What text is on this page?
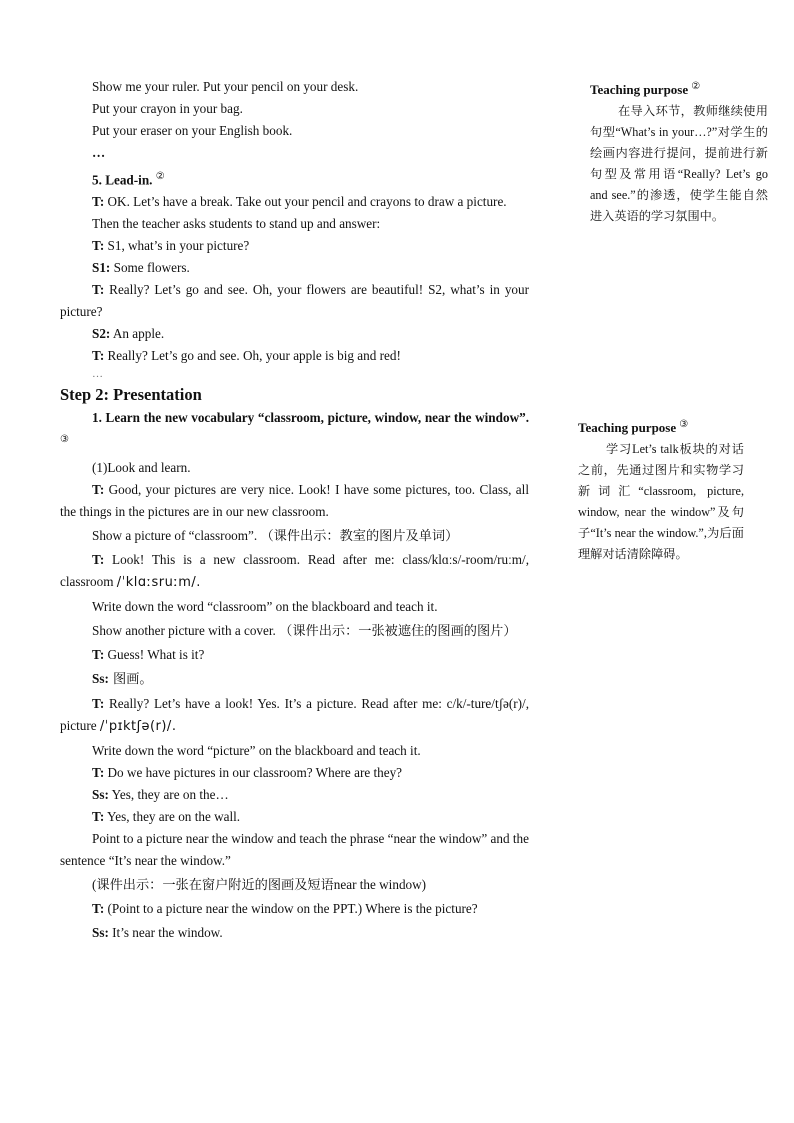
Show me your ruler. Put your pencil on your desk.

Put your crayon in your bag.

Put your eraser on your English book.

…

5. Lead-in. ②

T: OK. Let’s have a break. Take out your pencil and crayons to draw a picture.

Then the teacher asks students to stand up and answer:

T: S1, what’s in your picture?

S1: Some flowers.

T: Really? Let’s go and see. Oh, your flowers are beautiful! S2, what’s in your picture?

S2: An apple.

T: Really? Let’s go and see. Oh, your apple is big and red!

…

Step 2: Presentation

1. Learn the new vocabulary “classroom, picture, window, near the window”. ③

(1)Look and learn.

T: Good, your pictures are very nice. Look! I have some pictures, too. Class, all the things in the pictures are in our new classroom.

Show a picture of “classroom”. （课件出示：教室的图片及单词）

T: Look! This is a new classroom. Read after me: class/klɑːs/-room/ruːm/, classroom /ˈklɑːsruːm/.

Write down the word “classroom” on the blackboard and teach it.

Show another picture with a cover. （课件出示：一张被遮住的图画的图片）

T: Guess! What is it?

Ss: 图画。

T: Really? Let’s have a look! Yes. It’s a picture. Read after me: c/k/-ture/tʃə(r)/, picture /ˈpɪktʃə(r)/.

Write down the word “picture” on the blackboard and teach it.

T: Do we have pictures in our classroom? Where are they?

Ss: Yes, they are on the…

T: Yes, they are on the wall.

Point to a picture near the window and teach the phrase “near the window” and the sentence “It’s near the window.”

(课件出示：一张在窗户附近的图画及短语near the window)

T: (Point to a picture near the window on the PPT.) Where is the picture?

Ss: It’s near the window.

Teaching purpose ②

在导入环节，教师继续使用句型“What’s in your…?”对学生的绘画内容进行提问，提前进行新句型及常用语“Really? Let’s go and see.”的渗透，使学生能自然进入英语的学习氛围中。

Teaching purpose ③

学习Let’s talk板块的对话之前，先通过图片和实物学习新词汇“classroom, picture, window, near the window”及句子“It’s near the window.”,为后面理解对话清除障碍。
